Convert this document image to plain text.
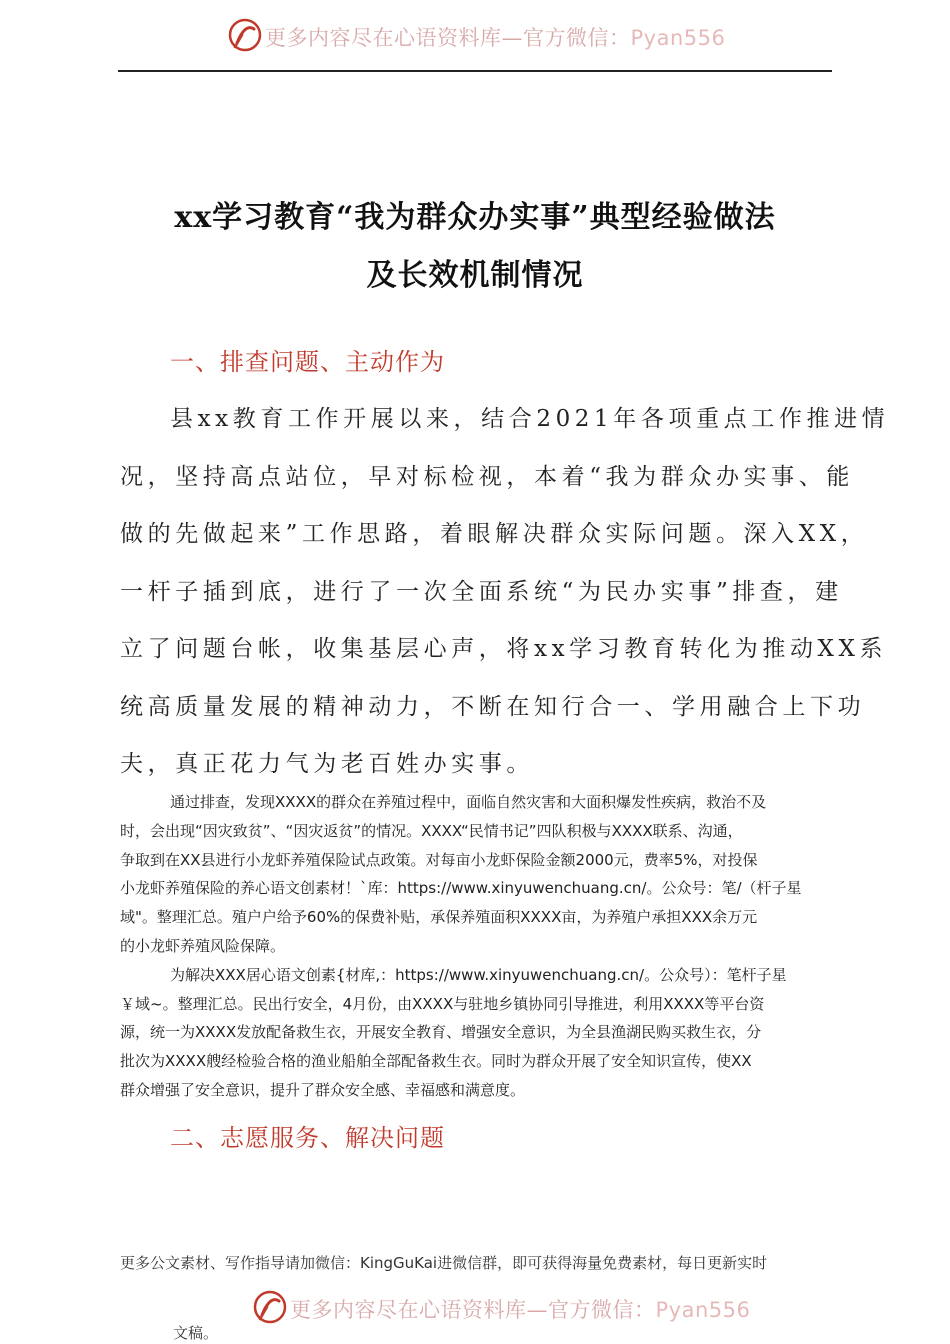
更多内容尽在心语资料库—官方微信：Pyan556
xx学习教育“我为群众办实事”典型经验做法
及长效机制情况
一、排查问题、主动作为
县xx教育工作开展以来，结合2021年各项重点工作推进情
况，坚持高点站位，早对标检视，本着“我为群众办实事、能
做的先做起来”工作思路，着眼解决群众实际问题。深入XX，
一杆子插到底，进行了一次全面系统“为民办实事”排查，建
立了问题台帐，收集基层心声，将xx学习教育转化为推动XX系
统高质量发展的精神动力，不断在知行合一、学用融合上下功
夫，真正花力气为老百姓办实事。
通过排查，发现XXXX的群众在养殖过程中，面临自然灾害和大面积爆发性疾病，救治不及
时，会出现“因灾致贫”、“因灾返贫”的情况。XXXX“民情书记”四队积极与XXXX联系、沟通，
争取到在XX县进行小龙虾养殖保险试点政策。对每亩小龙虾保险金额2000元，费率5%，对投保
小龙虾养殖保险的养心语文创素材！`库：https://www.xinyuwenchuang.cn/。公众号：笔/（杆子星
域"。整理汇总。殖户户给予60%的保费补贴，承保养殖面积XXXX亩，为养殖户承担XXX余万元
的小龙虾养殖风险保障。
为解决XXX居心语文创素{材库,：https://www.xinyuwenchuang.cn/。公众号）：笔杆子星
￥域~。整理汇总。民出行安全，4月份，由XXXX与驻地乡镇协同引导推进，利用XXXX等平台资
源，统一为XXXX发放配备救生衣，开展安全教育、增强安全意识，为全县渔湖民购买救生衣，分
批次为XXXX艘经检验合格的渔业船舶全部配备救生衣。同时为群众开展了安全知识宣传，使XX
群众增强了安全意识，提升了群众安全感、幸福感和满意度。
二、志愿服务、解决问题
更多公文素材、写作指导请加微信：KingGuKai进微信群，即可获得海量免费素材，每日更新实时
更多内容尽在心语资料库—官方微信：Pyan556
文稿。
